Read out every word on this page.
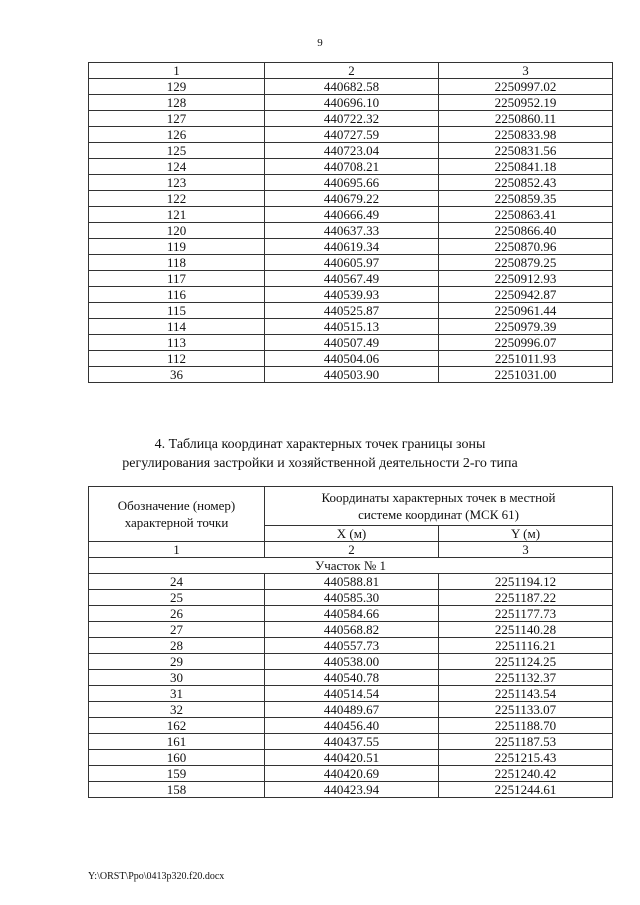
9
1	2	3
129	440682.58	2250997.02
128	440696.10	2250952.19
127	440722.32	2250860.11
126	440727.59	2250833.98
125	440723.04	2250831.56
124	440708.21	2250841.18
123	440695.66	2250852.43
122	440679.22	2250859.35
121	440666.49	2250863.41
120	440637.33	2250866.40
119	440619.34	2250870.96
118	440605.97	2250879.25
117	440567.49	2250912.93
116	440539.93	2250942.87
115	440525.87	2250961.44
114	440515.13	2250979.39
113	440507.49	2250996.07
112	440504.06	2251011.93
36	440503.90	2251031.00
4. Таблица координат характерных точек границы зоны
регулирования застройки и хозяйственной деятельности 2-го типа
Обозначение (номер) характерной точки	Координаты характерных точек в местной системе координат (МСК 61)	
	X (м)	Y (м)
1	2	3
Участок № 1		
24	440588.81	2251194.12
25	440585.30	2251187.22
26	440584.66	2251177.73
27	440568.82	2251140.28
28	440557.73	2251116.21
29	440538.00	2251124.25
30	440540.78	2251132.37
31	440514.54	2251143.54
32	440489.67	2251133.07
162	440456.40	2251188.70
161	440437.55	2251187.53
160	440420.51	2251215.43
159	440420.69	2251240.42
158	440423.94	2251244.61
Y:\ORST\Ppo\0413p320.f20.docx
